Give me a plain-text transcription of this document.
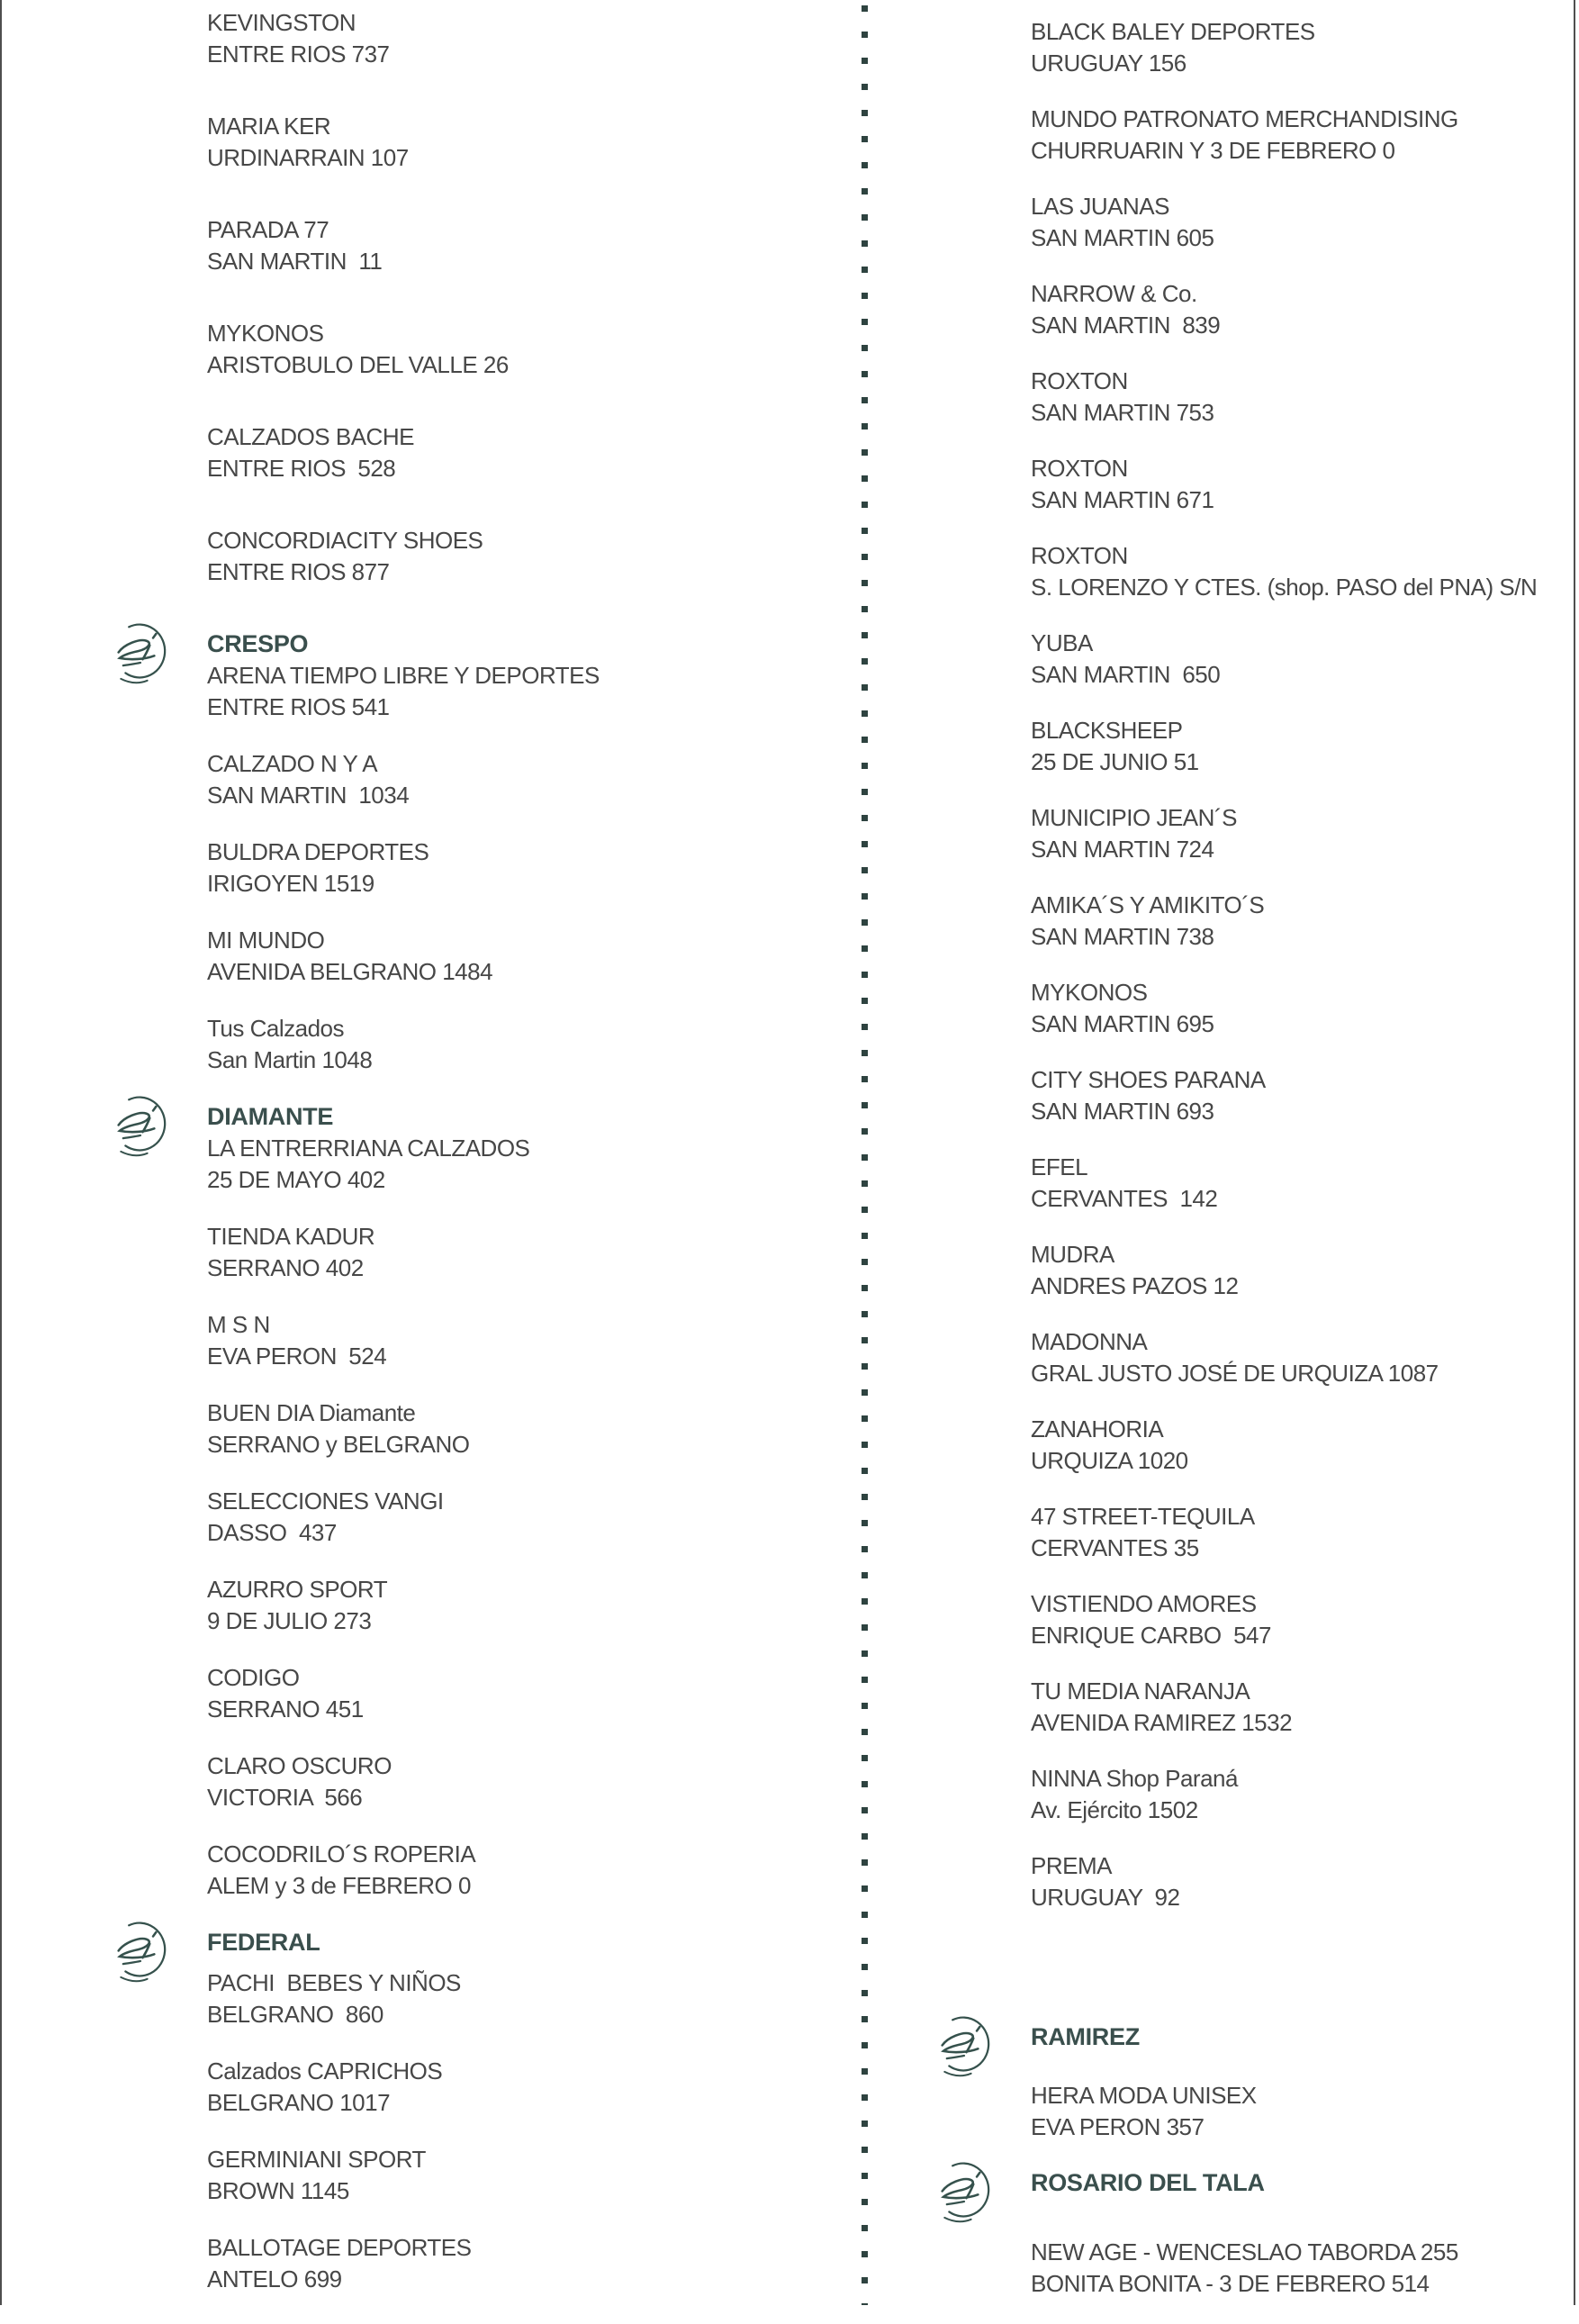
KEVINGSTON
ENTRE RIOS 737
MARIA KER
URDINARRAIN 107
PARADA 77
SAN MARTIN  11
MYKONOS
ARISTOBULO DEL VALLE 26
CALZADOS BACHE
ENTRE RIOS  528
CONCORDIACITY SHOES
ENTRE RIOS 877
CRESPO
ARENA TIEMPO LIBRE Y DEPORTES
ENTRE RIOS 541
CALZADO N Y A
SAN MARTIN  1034
BULDRA DEPORTES
IRIGOYEN 1519
MI MUNDO
AVENIDA BELGRANO 1484
Tus Calzados
San Martin 1048
DIAMANTE
LA ENTRERRIANA CALZADOS
25 DE MAYO 402
TIENDA KADUR
SERRANO 402
M S N
EVA PERON  524
BUEN DIA Diamante
SERRANO y BELGRANO
SELECCIONES VANGI
DASSO  437
AZURRO SPORT
9 DE JULIO 273
CODIGO
SERRANO 451
CLARO OSCURO
VICTORIA  566
COCODRILO´S ROPERIA
ALEM y 3 de FEBRERO 0
FEDERAL
PACHI  BEBES Y NIÑOS
BELGRANO  860
Calzados CAPRICHOS
BELGRANO 1017
GERMINIANI SPORT
BROWN 1145
BALLOTAGE DEPORTES
ANTELO 699
BLACK BALEY DEPORTES
URUGUAY 156
MUNDO PATRONATO MERCHANDISING
CHURRUARIN Y 3 DE FEBRERO 0
LAS JUANAS
SAN MARTIN 605
NARROW & Co.
SAN MARTIN  839
ROXTON
SAN MARTIN 753
ROXTON
SAN MARTIN 671
ROXTON
S. LORENZO Y CTES. (shop. PASO del PNA) S/N
YUBA
SAN MARTIN  650
BLACKSHEEP
25 DE JUNIO 51
MUNICIPIO JEAN´S
SAN MARTIN 724
AMIKA´S Y AMIKITO´S
SAN MARTIN 738
MYKONOS
SAN MARTIN 695
CITY SHOES PARANA
SAN MARTIN 693
EFEL
CERVANTES  142
MUDRA
ANDRES PAZOS 12
MADONNA
GRAL JUSTO JOSÉ DE URQUIZA 1087
ZANAHORIA
URQUIZA 1020
47 STREET-TEQUILA
CERVANTES 35
VISTIENDO AMORES
ENRIQUE CARBO  547
TU MEDIA NARANJA
AVENIDA RAMIREZ 1532
NINNA Shop Paraná
Av. Ejército 1502
PREMA
URUGUAY  92
RAMIREZ
HERA MODA UNISEX
EVA PERON 357
ROSARIO DEL TALA
NEW AGE - WENCESLAO TABORDA 255
BONITA BONITA - 3 DE FEBRERO 514
